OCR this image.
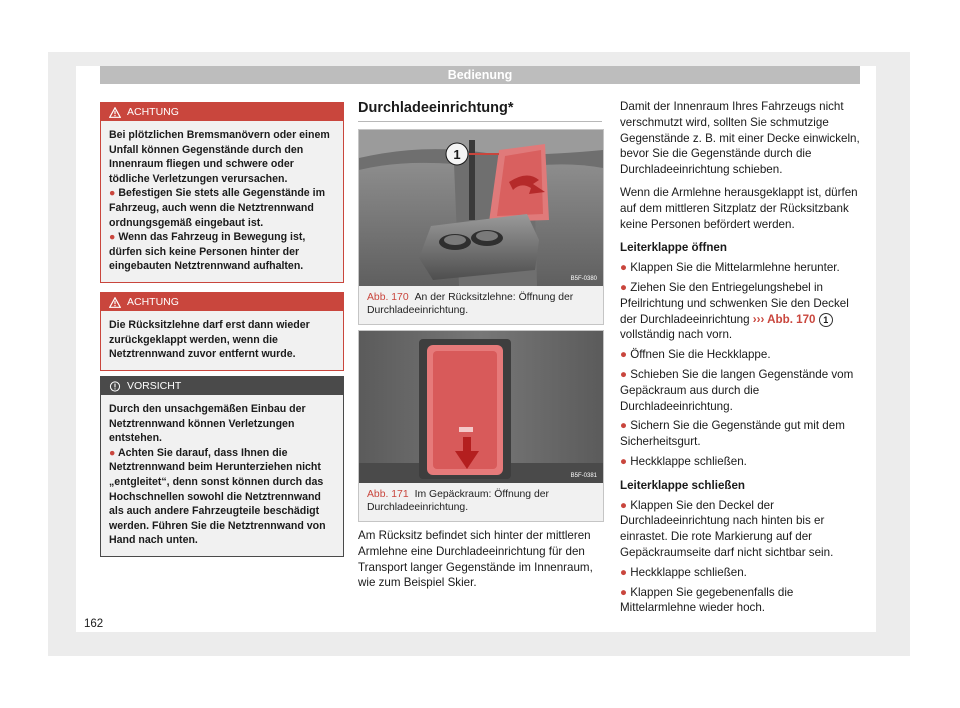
Bedienung
ACHTUNG
Bei plötzlichen Bremsmanövern oder einem Unfall können Gegenstände durch den Innenraum fliegen und schwere oder tödliche Verletzungen verursachen.
● Befestigen Sie stets alle Gegenstände im Fahrzeug, auch wenn die Netztrennwand ordnungsgemäß eingebaut ist.
● Wenn das Fahrzeug in Bewegung ist, dürfen sich keine Personen hinter der eingebauten Netztrennwand aufhalten.
ACHTUNG
Die Rücksitzlehne darf erst dann wieder zurückgeklappt werden, wenn die Netztrennwand zuvor entfernt wurde.
VORSICHT
Durch den unsachgemäßen Einbau der Netztrennwand können Verletzungen entstehen.
● Achten Sie darauf, dass Ihnen die Netztrennwand beim Herunterziehen nicht „entgleitet“, denn sonst können durch das Hochschnellen sowohl die Netztrennwand als auch andere Fahrzeugteile beschädigt werden. Führen Sie die Netztrennwand von Hand nach unten.
Durchladeeinrichtung*
1
B5F-0380
Abb. 170 An der Rücksitzlehne: Öffnung der Durchladeeinrichtung.
B5F-0381
Abb. 171 Im Gepäckraum: Öffnung der Durchladeeinrichtung.
Am Rücksitz befindet sich hinter der mittleren Armlehne eine Durchladeeinrichtung für den Transport langer Gegenstände im Innenraum, wie zum Beispiel Skier.

Damit der Innenraum Ihres Fahrzeugs nicht verschmutzt wird, sollten Sie schmutzige Gegenstände z. B. mit einer Decke einwickeln, bevor Sie die Gegenstände durch die Durchladeeinrichtung schieben.

Wenn die Armlehne herausgeklappt ist, dürfen auf dem mittleren Sitzplatz der Rücksitzbank keine Personen befördert werden.

Leiterklappe öffnen
● Klappen Sie die Mittelarmlehne herunter.
● Ziehen Sie den Entriegelungshebel in Pfeilrichtung und schwenken Sie den Deckel der Durchladeeinrichtung ››› Abb. 170 1 vollständig nach vorn.
● Öffnen Sie die Heckklappe.
● Schieben Sie die langen Gegenstände vom Gepäckraum aus durch die Durchladeeinrichtung.
● Sichern Sie die Gegenstände gut mit dem Sicherheitsgurt.
● Heckklappe schließen.
Leiterklappe schließen
● Klappen Sie den Deckel der Durchladeeinrichtung nach hinten bis er einrastet. Die rote Markierung auf der Gepäckraumseite darf nicht sichtbar sein.
● Heckklappe schließen.
● Klappen Sie gegebenenfalls die Mittelarmlehne wieder hoch.
162
